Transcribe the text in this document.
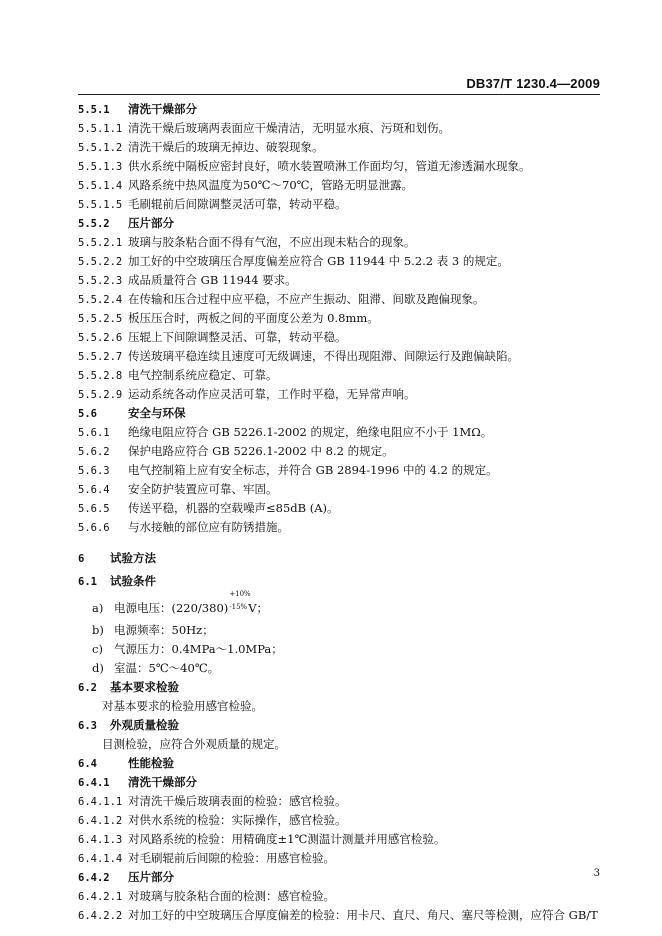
DB37/T 1230.4—2009
5.5.1 清洗干燥部分
5.5.1.1 清洗干燥后玻璃两表面应干燥清洁，无明显水痕、污斑和划伤。
5.5.1.2 清洗干燥后的玻璃无掉边、破裂现象。
5.5.1.3 供水系统中隔板应密封良好，喷水装置喷淋工作面均匀，管道无渗透漏水现象。
5.5.1.4 风路系统中热风温度为50℃～70℃，管路无明显泄露。
5.5.1.5 毛刷辊前后间隙调整灵活可靠，转动平稳。
5.5.2 压片部分
5.5.2.1 玻璃与胶条粘合面不得有气泡，不应出现未粘合的现象。
5.5.2.2 加工好的中空玻璃压合厚度偏差应符合 GB 11944 中 5.2.2 表 3 的规定。
5.5.2.3 成品质量符合 GB 11944 要求。
5.5.2.4 在传输和压合过程中应平稳，不应产生振动、阻滞、间歇及跑偏现象。
5.5.2.5 板压压合时，两板之间的平面度公差为 0.8mm。
5.5.2.6 压辊上下间隙调整灵活、可靠，转动平稳。
5.5.2.7 传送玻璃平稳连续且速度可无级调速，不得出现阻滞、间隙运行及跑偏缺陷。
5.5.2.8 电气控制系统应稳定、可靠。
5.5.2.9 运动系统各动作应灵活可靠，工作时平稳，无异常声响。
5.6	安全与环保
5.6.1 绝缘电阻应符合 GB 5226.1-2002 的规定，绝缘电阻应不小于 1MΩ。
5.6.2 保护电路应符合 GB 5226.1-2002 中 8.2 的规定。
5.6.3 电气控制箱上应有安全标志，并符合 GB 2894-1996 中的 4.2 的规定。
5.6.4 安全防护装置应可靠、牢固。
5.6.5 传送平稳，机器的空载噪声≤85dB (A)。
5.6.6 与水接触的部位应有防锈措施。
6 试验方法
6.1 试验条件
a) 电源电压：(220/380)
+10%
-15% V；
b) 电源频率：50Hz；
c) 气源压力：0.4MPa～1.0MPa；
d) 室温：5℃～40℃。
6.2 基本要求检验
对基本要求的检验用感官检验。
6.3 外观质量检验
目测检验，应符合外观质量的规定。
6.4	性能检验
6.4.1 清洗干燥部分
6.4.1.1 对清洗干燥后玻璃表面的检验：感官检验。
6.4.1.2 对供水系统的检验：实际操作，感官检验。
6.4.1.3 对风路系统的检验：用精确度±1℃测温计测量并用感官检验。
6.4.1.4 对毛刷辊前后间隙的检验：用感官检验。
6.4.2 压片部分
6.4.2.1 对玻璃与胶条粘合面的检测：感官检验。
6.4.2.2 对加工好的中空玻璃压合厚度偏差的检验：用卡尺、直尺、角尺、塞尺等检测，应符合 GB/T
3
